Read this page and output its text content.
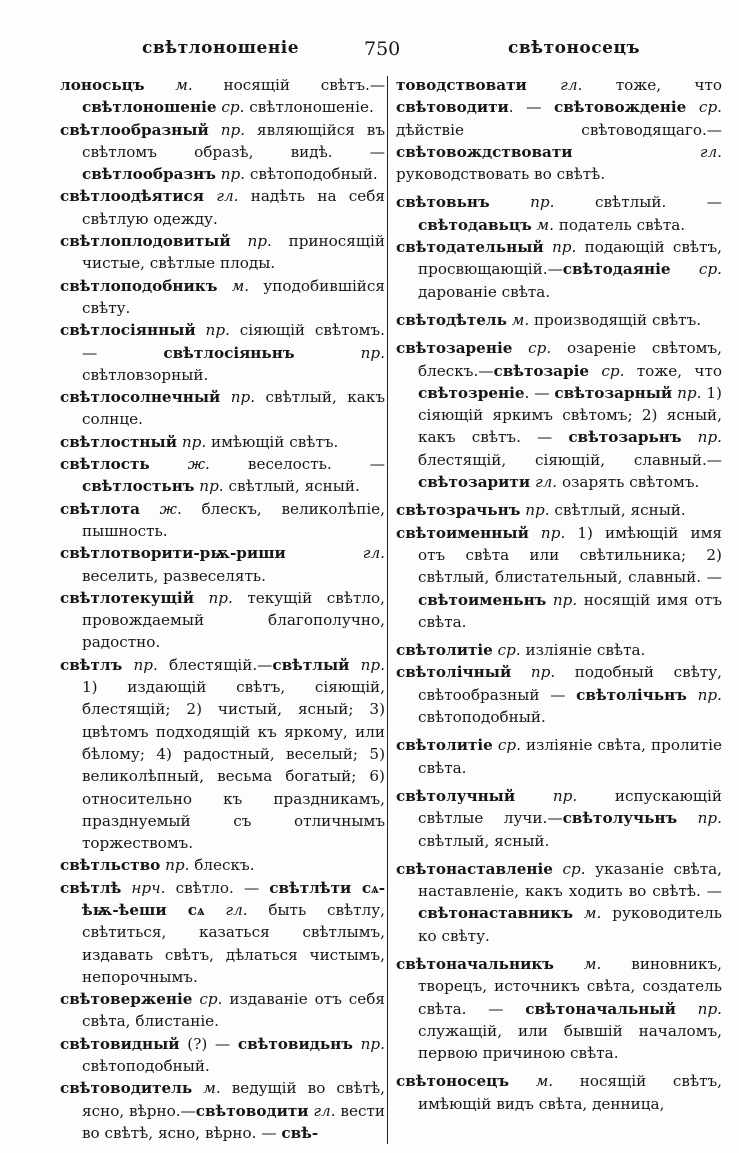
свѣтлоношеніе	750	свѣтоносецъ

лоносьцъ м. носящій свѣтъ.—свѣтлоношеніе ср. свѣтлоношеніе.

свѣтлообразный пр. являющійся въ свѣтломъ образѣ, видѣ. — свѣтлообразнъ пр. свѣтоподобный.

свѣтлоодѣятися гл. надѣть на себя свѣтлую одежду.

свѣтлоплодовитый пр. приносящій чистые, свѣтлые плоды.

свѣтлоподобникъ м. уподобившійся свѣту.

свѣтлосіянный пр. сіяющій свѣтомъ. — свѣтлосіяньнъ пр. свѣтловзорный.

свѣтлосолнечный пр. свѣтлый, какъ солнце.

свѣтлостный пр. имѣющій свѣтъ.

свѣтлость ж. веселость. — свѣтлостьнъ пр. свѣтлый, ясный.

свѣтлота ж. блескъ, великолѣпіе, пышность.

свѣтлотворити-рѭ-риши гл. веселить, развеселять.

свѣтлотекущій пр. текущій свѣтло, провождаемый благополучно, радостно.

свѣтлъ пр. блестящій.—свѣтлый пр. 1) издающій свѣтъ, сіяющій, блестящій; 2) чистый, ясный; 3) цвѣтомъ подходящій къ яркому, или бѣлому; 4) радостный, веселый; 5) великолѣпный, весьма богатый; 6) относительно къ праздникамъ, празднуемый съ отличнымъ торжествомъ.

свѣтльство пр. блескъ.

свѣтлѣ нрч. свѣтло. — свѣтлѣти сѧ-ѣѭ-ѣеши сѧ гл. быть свѣтлу, свѣтиться, казаться свѣтлымъ, издавать свѣтъ, дѣлаться чистымъ, непорочнымъ.

свѣтоверженіе ср. издаваніе отъ себя свѣта, блистаніе.

свѣтовидный (?) — свѣтовидьнъ пр. свѣтоподобный.

свѣтоводитель м. ведущій во свѣтѣ, ясно, вѣрно.—свѣтоводити гл. вести во свѣтѣ, ясно, вѣрно. — свѣ-

товодствовати гл. тоже, что свѣтоводити. — свѣтовожденіе ср. дѣйствіе свѣтоводящаго.—свѣтовождствовати гл. руководствовать во свѣтѣ.

свѣтовьнъ пр. свѣтлый. — свѣтодавьцъ м. податель свѣта.

свѣтодательный пр. подающій свѣтъ, просвющающій.—свѣтодаяніе ср. дарованіе свѣта.

свѣтодѣтель м. производящій свѣтъ.

свѣтозареніе ср. озареніе свѣтомъ, блескъ.—свѣтозаріе ср. тоже, что свѣтозреніе. — свѣтозарный пр. 1) сіяющій яркимъ свѣтомъ; 2) ясный, какъ свѣтъ. — свѣтозарьнъ пр. блестящій, сіяющій, славный.—свѣтозарити гл. озарять свѣтомъ.

свѣтозрачьнъ пр. свѣтлый, ясный.

свѣтоименный пр. 1) имѣющій имя отъ свѣта или свѣтильника; 2) свѣтлый, блистательный, славный. — свѣтоименьнъ пр. носящій имя отъ свѣта.

свѣтолитіе ср. изліяніе свѣта.

свѣтолічный пр. подобный свѣту, свѣтообразный — свѣтолічьнъ пр. свѣтоподобный.

свѣтолитіе ср. изліяніе свѣта, пролитіе свѣта.

свѣтолучный пр. испускающій свѣтлые лучи.—свѣтолучьнъ пр. свѣтлый, ясный.

свѣтонаставленіе ср. указаніе свѣта, наставленіе, какъ ходить во свѣтѣ. — свѣтонаставникъ м. руководитель ко свѣту.

свѣтоначальникъ м. виновникъ, творецъ, источникъ свѣта, создатель свѣта. — свѣтоначальный пр. служащій, или бывшій началомъ, первою причиною свѣта.

свѣтоносецъ м. носящій свѣтъ, имѣющій видъ свѣта, денница,
